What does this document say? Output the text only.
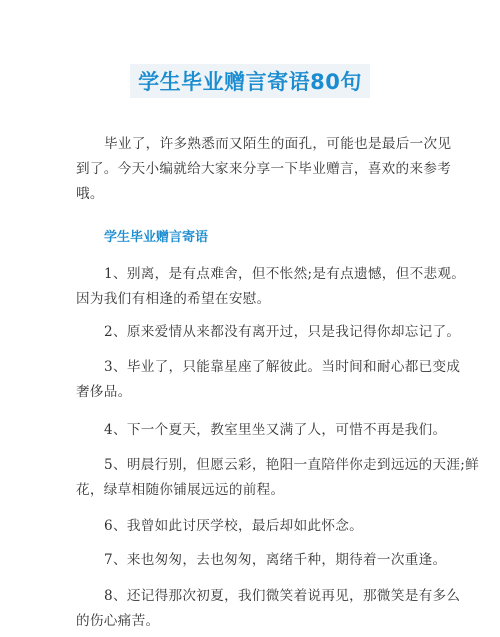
学生毕业赠言寄语80句
毕业了，许多熟悉而又陌生的面孔，可能也是最后一次见
到了。今天小编就给大家来分享一下毕业赠言，喜欢的来参考
哦。
学生毕业赠言寄语
1、别离，是有点难舍，但不怅然;是有点遗憾，但不悲观。
因为我们有相逢的希望在安慰。
2、原来爱情从来都没有离开过，只是我记得你却忘记了。
3、毕业了，只能靠星座了解彼此。当时间和耐心都已变成
奢侈品。
4、下一个夏天，教室里坐又满了人，可惜不再是我们。
5、明晨行别，但愿云彩，艳阳一直陪伴你走到远远的天涯;鲜
花，绿草相随你铺展远远的前程。
6、我曾如此讨厌学校，最后却如此怀念。
7、来也匆匆，去也匆匆，离绪千种，期待着一次重逢。
8、还记得那次初夏，我们微笑着说再见，那微笑是有多么
的伤心痛苦。
